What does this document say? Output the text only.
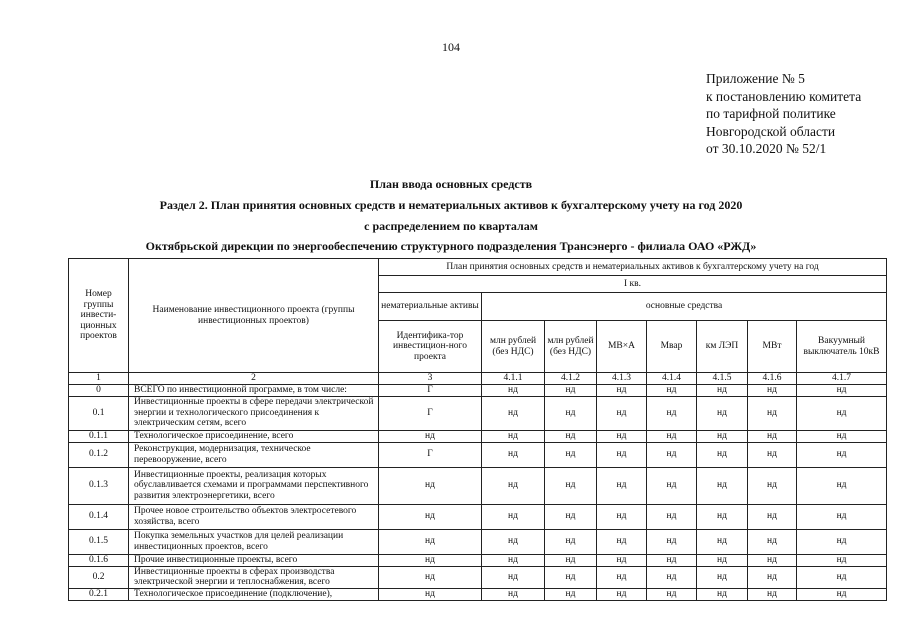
104
Приложение № 5
к постановлению комитета
по тарифной политике
Новгородской области
от 30.10.2020 № 52/1
План ввода основных средств
Раздел 2. План принятия основных средств и нематериальных активов к бухгалтерскому учету на год 2020
с распределением по кварталам
Октябрьской дирекции по энергообеспечению структурного подразделения Трансэнерго - филиала ОАО «РЖД»
Номер группы инвести-ционных проектов	Наименование инвестиционного проекта (группы инвестиционных проектов)	План принятия основных средств и нематериальных активов к бухгалтерскому учету на год							
		I кв.							
		нематериальные активы	основные средства						
		Идентифика-тор инвестицион-ного проекта	млн рублей (без НДС)	млн рублей (без НДС)	МВ×А	Мвар	км ЛЭП	МВт	Вакуумный выключатель 10кВ
1	2	3	4.1.1	4.1.2	4.1.3	4.1.4	4.1.5	4.1.6	4.1.7
0	ВСЕГО по инвестиционной программе, в том числе:	Г	нд	нд	нд	нд	нд	нд	нд
0.1	Инвестиционные проекты в сфере передачи электрической энергии и технологического присоединения к электрическим сетям, всего	Г	нд	нд	нд	нд	нд	нд	нд
0.1.1	Технологическое присоединение, всего	нд	нд	нд	нд	нд	нд	нд	нд
0.1.2	Реконструкция, модернизация, техническое перевооружение, всего	Г	нд	нд	нд	нд	нд	нд	нд
0.1.3	Инвестиционные проекты, реализация которых обуславливается схемами и программами перспективного развития электроэнергетики, всего	нд	нд	нд	нд	нд	нд	нд	нд
0.1.4	Прочее новое строительство объектов электросетевого хозяйства, всего	нд	нд	нд	нд	нд	нд	нд	нд
0.1.5	Покупка земельных участков для целей реализации инвестиционных проектов, всего	нд	нд	нд	нд	нд	нд	нд	нд
0.1.6	Прочие инвестиционные проекты, всего	нд	нд	нд	нд	нд	нд	нд	нд
0.2	Инвестиционные проекты в сферах производства электрической энергии и теплоснабжения, всего	нд	нд	нд	нд	нд	нд	нд	нд
0.2.1	Технологическое присоединение (подключение),	нд	нд	нд	нд	нд	нд	нд	нд
